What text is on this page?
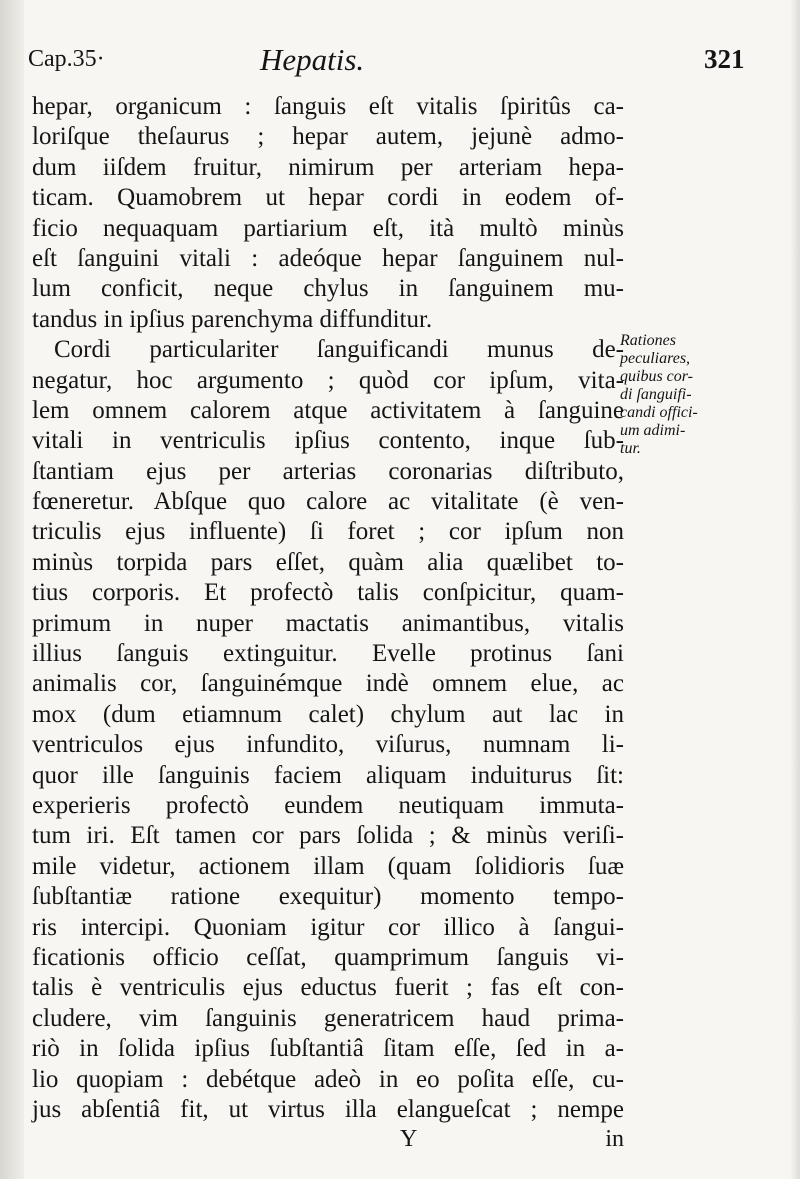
Cap.35·	Hepatis.	321
hepar, organicum : ſanguis eſt vitalis ſpiritûs ca-
loriſque theſaurus ; hepar autem, jejunè admo-
dum iiſdem fruitur, nimirum per arteriam hepa-
ticam. Quamobrem ut hepar cordi in eodem of-
ficio nequaquam partiarium eſt, ità multò minùs
eſt ſanguini vitali : adeóque hepar ſanguinem nul-
lum conficit, neque chylus in ſanguinem mu-
tandus in ipſius parenchyma diffunditur.
Cordi particulariter ſanguificandi munus de-
negatur, hoc argumento ; quòd cor ipſum, vita-
lem omnem calorem atque activitatem à ſanguine
vitali in ventriculis ipſius contento, inque ſub-
ſtantiam ejus per arterias coronarias diſtributo,
fœneretur. Abſque quo calore ac vitalitate (è ven-
triculis ejus influente) ſi foret ; cor ipſum non
minùs torpida pars eſſet, quàm alia quælibet to-
tius corporis. Et profectò talis conſpicitur, quam-
primum in nuper mactatis animantibus, vitalis
illius ſanguis extinguitur. Evelle protinus ſani
animalis cor, ſanguinémque indè omnem elue, ac
mox (dum etiamnum calet) chylum aut lac in
ventriculos ejus infundito, viſurus, numnam li-
quor ille ſanguinis faciem aliquam induiturus ſit:
experieris profectò eundem neutiquam immuta-
tum iri. Eſt tamen cor pars ſolida ; & minùs veriſi-
mile videtur, actionem illam (quam ſolidioris ſuæ
ſubſtantiæ ratione exequitur) momento tempo-
ris intercipi. Quoniam igitur cor illico à ſangui-
ficationis officio ceſſat, quamprimum ſanguis vi-
talis è ventriculis ejus eductus fuerit ; fas eſt con-
cludere, vim ſanguinis generatricem haud prima-
riò in ſolida ipſius ſubſtantiâ ſitam eſſe, ſed in a-
lio quopiam : debétque adeò in eo poſita eſſe, cu-
jus abſentiâ fit, ut virtus illa elangueſcat ; nempe
Rationes
peculiares,
quibus cor-
di ſanguifi-
candi offici-
um adimi-
tur.
Y	in
